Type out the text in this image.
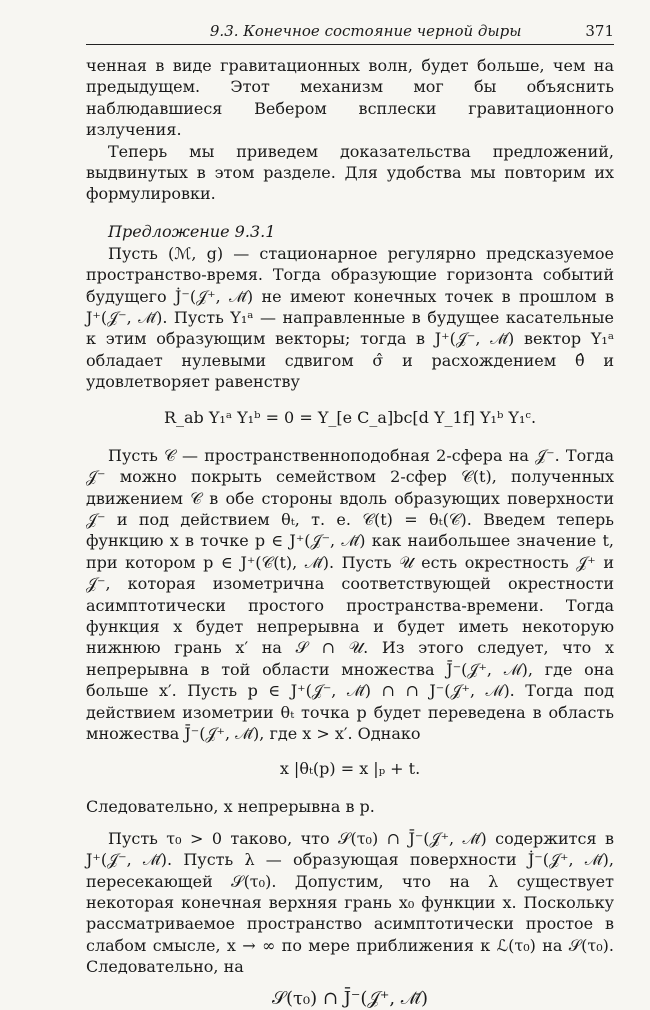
9.3. Конечное состояние черной дыры	371

ченная в виде гравитационных волн, будет больше, чем на предыдущем. Этот механизм мог бы объяснить наблюдавшиеся Вебером всплески гравитационного излучения.

Теперь мы приведем доказательства предложений, выдвинутых в этом разделе. Для удобства мы повторим их формулировки.

Предложение 9.3.1

Пусть (ℳ, g) — стационарное регулярно предсказуемое пространство-время. Тогда образующие горизонта событий будущего J̇⁻(𝒥⁺, ℳ̄) не имеют конечных точек в прошлом в J⁺(𝒥⁻, ℳ̄). Пусть Y₁ᵃ — направленные в будущее касательные к этим образующим векторы; тогда в J⁺(𝒥⁻, ℳ̄) вектор Y₁ᵃ обладает нулевыми сдвигом σ̂ и расхождением θ̂ и удовлетворяет равенству

R_ab Y₁ᵃ Y₁ᵇ = 0 = Y_[e C_a]bc[d Y_1f] Y₁ᵇ Y₁ᶜ.

Пусть 𝒞 — пространственноподобная 2-сфера на 𝒥⁻. Тогда 𝒥⁻ можно покрыть семейством 2-сфер 𝒞(t), полученных движением 𝒞 в обе стороны вдоль образующих поверхности 𝒥⁻ и под действием θₜ, т. е. 𝒞(t) = θₜ(𝒞). Введем теперь функцию x в точке p ∈ J⁺(𝒥⁻, ℳ̄) как наибольшее значение t, при котором p ∈ J⁺(𝒞(t), ℳ̄). Пусть 𝒰 есть окрестность 𝒥⁺ и 𝒥⁻, которая изометрична соответствующей окрестности асимптотически простого пространства-времени. Тогда функция x будет непрерывна и будет иметь некоторую нижнюю грань x′ на 𝒮 ∩ 𝒰. Из этого следует, что x непрерывна в той области множества J̄⁻(𝒥⁺, ℳ), где она больше x′. Пусть p ∈ J⁺(𝒥⁻, ℳ̄) ∩ ∩ J⁻(𝒥⁺, ℳ). Тогда под действием изометрии θₜ точка p будет переведена в область множества J̄⁻(𝒥⁺, ℳ̄), где x > x′. Однако

x |θₜ(p) = x |ₚ + t.

Следовательно, x непрерывна в p.

Пусть τ₀ > 0 таково, что 𝒮(τ₀) ∩ J̄⁻(𝒥⁺, ℳ̄) содержится в J⁺(𝒥⁻, ℳ̄). Пусть λ — образующая поверхности J̇⁻(𝒥⁺, ℳ̄), пересекающей 𝒮(τ₀). Допустим, что на λ существует некоторая конечная верхняя грань x₀ функции x. Поскольку рассматриваемое пространство асимптотически простое в слабом смысле, x → ∞ по мере приближения к ℒ(τ₀) на 𝒮(τ₀). Следовательно, на

𝒮(τ₀) ∩ J̄⁻(𝒥⁺, ℳ̄)
